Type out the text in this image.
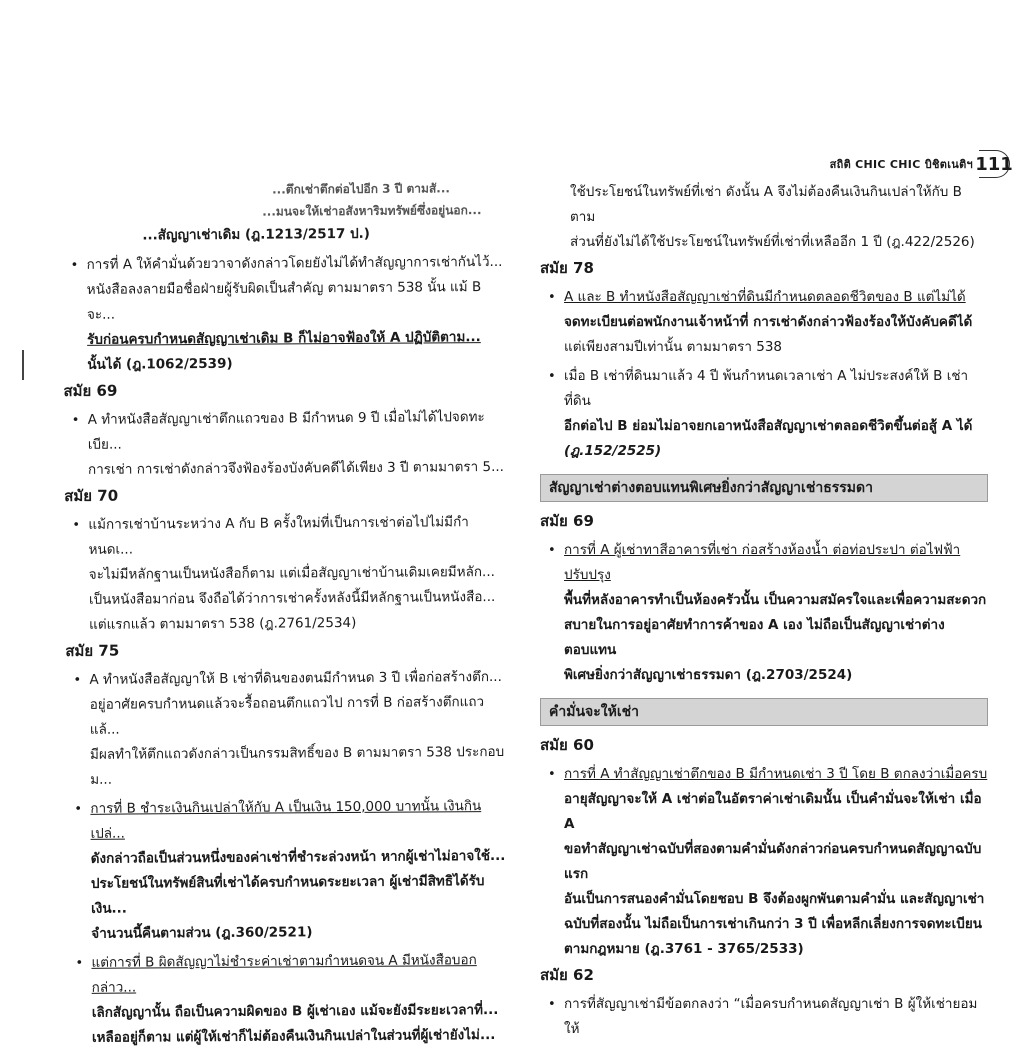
สถิติ CHIC CHIC บิชิตเนติฯ 111

...ตึกเช่าตึกต่อไปอีก 3 ปี ตามสั...

...มนจะให้เช่าอสังหาริมทรัพย์ซึ่งอยู่นอก...

...สัญญาเช่าเดิม (ฎ.1213/2517 ป.)

• การที่ A ให้คำมั่นด้วยวาจาดังกล่าวโดยยังไม่ได้ทำสัญญาการเช่ากันไว้...

หนังสือลงลายมือชื่อฝ่ายผู้รับผิดเป็นสำคัญ ตามมาตรา 538 นั้น แม้ B จะ...

รับก่อนครบกำหนดสัญญาเช่าเดิม B ก็ไม่อาจฟ้องให้ A ปฏิบัติตาม...

นั้นได้ (ฎ.1062/2539)

สมัย 69

• A ทำหนังสือสัญญาเช่าตึกแถวของ B มีกำหนด 9 ปี เมื่อไม่ได้ไปจดทะเบีย...

การเช่า การเช่าดังกล่าวจึงฟ้องร้องบังคับคดีได้เพียง 3 ปี ตามมาตรา 5...

สมัย 70

• แม้การเช่าบ้านระหว่าง A กับ B ครั้งใหม่ที่เป็นการเช่าต่อไปไม่มีกำหนดเ...

จะไม่มีหลักฐานเป็นหนังสือก็ตาม แต่เมื่อสัญญาเช่าบ้านเดิมเคยมีหลัก...

เป็นหนังสือมาก่อน จึงถือได้ว่าการเช่าครั้งหลังนี้มีหลักฐานเป็นหนังสือ...

แต่แรกแล้ว ตามมาตรา 538 (ฎ.2761/2534)

สมัย 75

• A ทำหนังสือสัญญาให้ B เช่าที่ดินของตนมีกำหนด 3 ปี เพื่อก่อสร้างตึก...

อยู่อาศัยครบกำหนดแล้วจะรื้อถอนตึกแถวไป การที่ B ก่อสร้างตึกแถวแล้...

มีผลทำให้ตึกแถวดังกล่าวเป็นกรรมสิทธิ์ของ B ตามมาตรา 538 ประกอบม...

• การที่ B ชำระเงินกินเปล่าให้กับ A เป็นเงิน 150,000 บาทนั้น เงินกินเปล่...

ดังกล่าวถือเป็นส่วนหนึ่งของค่าเช่าที่ชำระล่วงหน้า หากผู้เช่าไม่อาจใช้...

ประโยชน์ในทรัพย์สินที่เช่าได้ครบกำหนดระยะเวลา ผู้เช่ามีสิทธิได้รับเงิน...

จำนวนนี้คืนตามส่วน (ฎ.360/2521)

• แต่การที่ B ผิดสัญญาไม่ชำระค่าเช่าตามกำหนดจน A มีหนังสือบอกกล่าว...

เลิกสัญญานั้น ถือเป็นความผิดของ B ผู้เช่าเอง แม้จะยังมีระยะเวลาที่...

เหลืออยู่ก็ตาม แต่ผู้ให้เช่าก็ไม่ต้องคืนเงินกินเปล่าในส่วนที่ผู้เช่ายังไม่...

ใช้ประโยชน์ในทรัพย์ที่เช่า ดังนั้น A จึงไม่ต้องคืนเงินกินเปล่าให้กับ B ตาม

ส่วนที่ยังไม่ได้ใช้ประโยชน์ในทรัพย์ที่เช่าที่เหลืออีก 1 ปี (ฎ.422/2526)

สมัย 78

• A และ B ทำหนังสือสัญญาเช่าที่ดินมีกำหนดตลอดชีวิตของ B แต่ไม่ได้

จดทะเบียนต่อพนักงานเจ้าหน้าที่ การเช่าดังกล่าวฟ้องร้องให้บังคับคดีได้

แต่เพียงสามปีเท่านั้น ตามมาตรา 538

• เมื่อ B เช่าที่ดินมาแล้ว 4 ปี พ้นกำหนดเวลาเช่า A ไม่ประสงค์ให้ B เช่าที่ดิน

อีกต่อไป B ย่อมไม่อาจยกเอาหนังสือสัญญาเช่าตลอดชีวิตขึ้นต่อสู้ A ได้

(ฎ.152/2525)

สัญญาเช่าต่างตอบแทนพิเศษยิ่งกว่าสัญญาเช่าธรรมดา

สมัย 69

• การที่ A ผู้เช่าทาสีอาคารที่เช่า ก่อสร้างห้องน้ำ ต่อท่อประปา ต่อไฟฟ้า ปรับปรุง

พื้นที่หลังอาคารทำเป็นห้องครัวนั้น เป็นความสมัครใจและเพื่อความสะดวก

สบายในการอยู่อาศัยทำการค้าของ A เอง ไม่ถือเป็นสัญญาเช่าต่างตอบแทน

พิเศษยิ่งกว่าสัญญาเช่าธรรมดา (ฎ.2703/2524)

คำมั่นจะให้เช่า

สมัย 60

• การที่ A ทำสัญญาเช่าตึกของ B มีกำหนดเช่า 3 ปี โดย B ตกลงว่าเมื่อครบ

อายุสัญญาจะให้ A เช่าต่อในอัตราค่าเช่าเดิมนั้น เป็นคำมั่นจะให้เช่า เมื่อ A

ขอทำสัญญาเช่าฉบับที่สองตามคำมั่นดังกล่าวก่อนครบกำหนดสัญญาฉบับแรก

อันเป็นการสนองคำมั่นโดยชอบ B จึงต้องผูกพันตามคำมั่น และสัญญาเช่า

ฉบับที่สองนั้น ไม่ถือเป็นการเช่าเกินกว่า 3 ปี เพื่อหลีกเลี่ยงการจดทะเบียน

ตามกฎหมาย (ฎ.3761 - 3765/2533)

สมัย 62

• การที่สัญญาเช่ามีข้อตกลงว่า “เมื่อครบกำหนดสัญญาเช่า B ผู้ให้เช่ายอมให้
